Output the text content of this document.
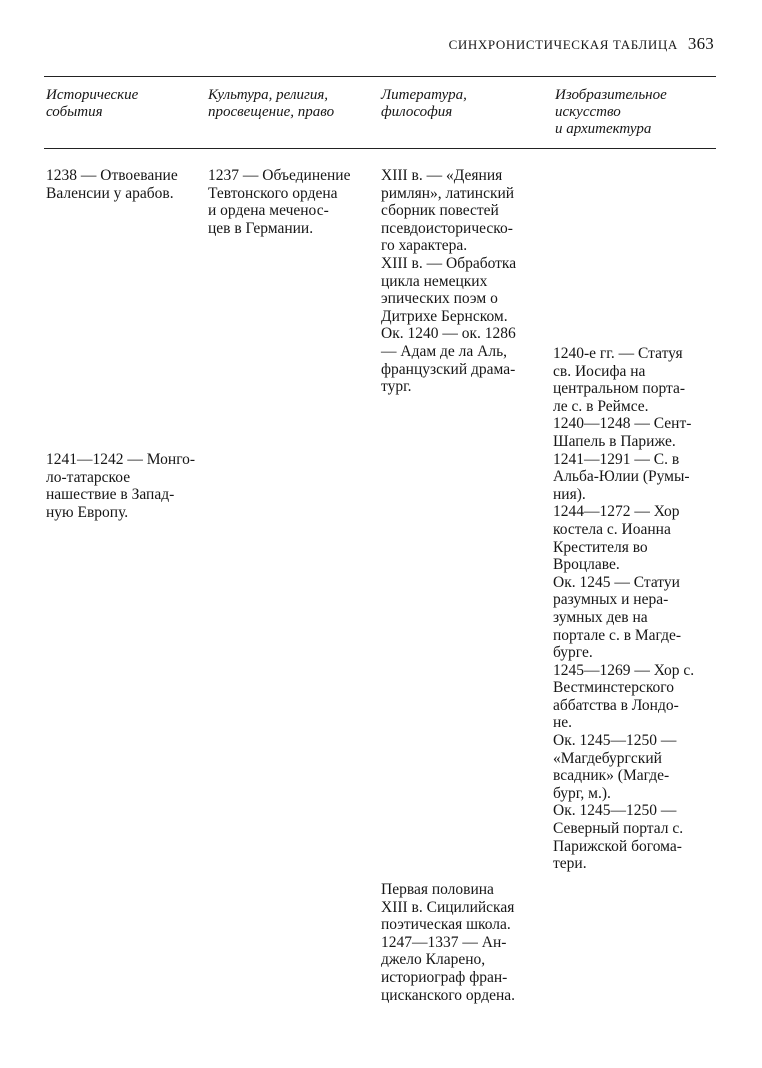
СИНХРОНИСТИЧЕСКАЯ ТАБЛИЦА 363
Исторические
события
Культура, религия,
просвещение, право
Литература,
философия
Изобразительное
искусство
и архитектура
1238 — Отвоевание
Валенсии у арабов.
1241—1242 — Монго-
ло-татарское
нашествие в Запад-
ную Европу.
1237 — Объединение
Тевтонского ордена
и ордена меченос-
цев в Германии.
XIII в. — «Деяния
римлян», латинский
сборник повестей
псевдоисторическо-
го характера.
XIII в. — Обработка
цикла немецких
эпических поэм о
Дитрихе Бернском.
Ок. 1240 — ок. 1286
— Адам де ла Аль,
французский драма-
тург.
Первая половина
XIII в. Сицилийская
поэтическая школа.
1247—1337 — Ан-
джело Кларено,
историограф фран-
цисканского ордена.
1240-е гг. — Статуя
св. Иосифа на
центральном порта-
ле с. в Реймсе.
1240—1248 — Сент-
Шапель в Париже.
1241—1291 — С. в
Альба-Юлии (Румы-
ния).
1244—1272 — Хор
костела с. Иоанна
Крестителя во
Вроцлаве.
Ок. 1245 — Статуи
разумных и нера-
зумных дев на
портале с. в Магде-
бурге.
1245—1269 — Хор с.
Вестминстерского
аббатства в Лондо-
не.
Ок. 1245—1250 —
«Магдебургский
всадник» (Магде-
бург, м.).
Ок. 1245—1250 —
Северный портал с.
Парижской богома-
тери.
